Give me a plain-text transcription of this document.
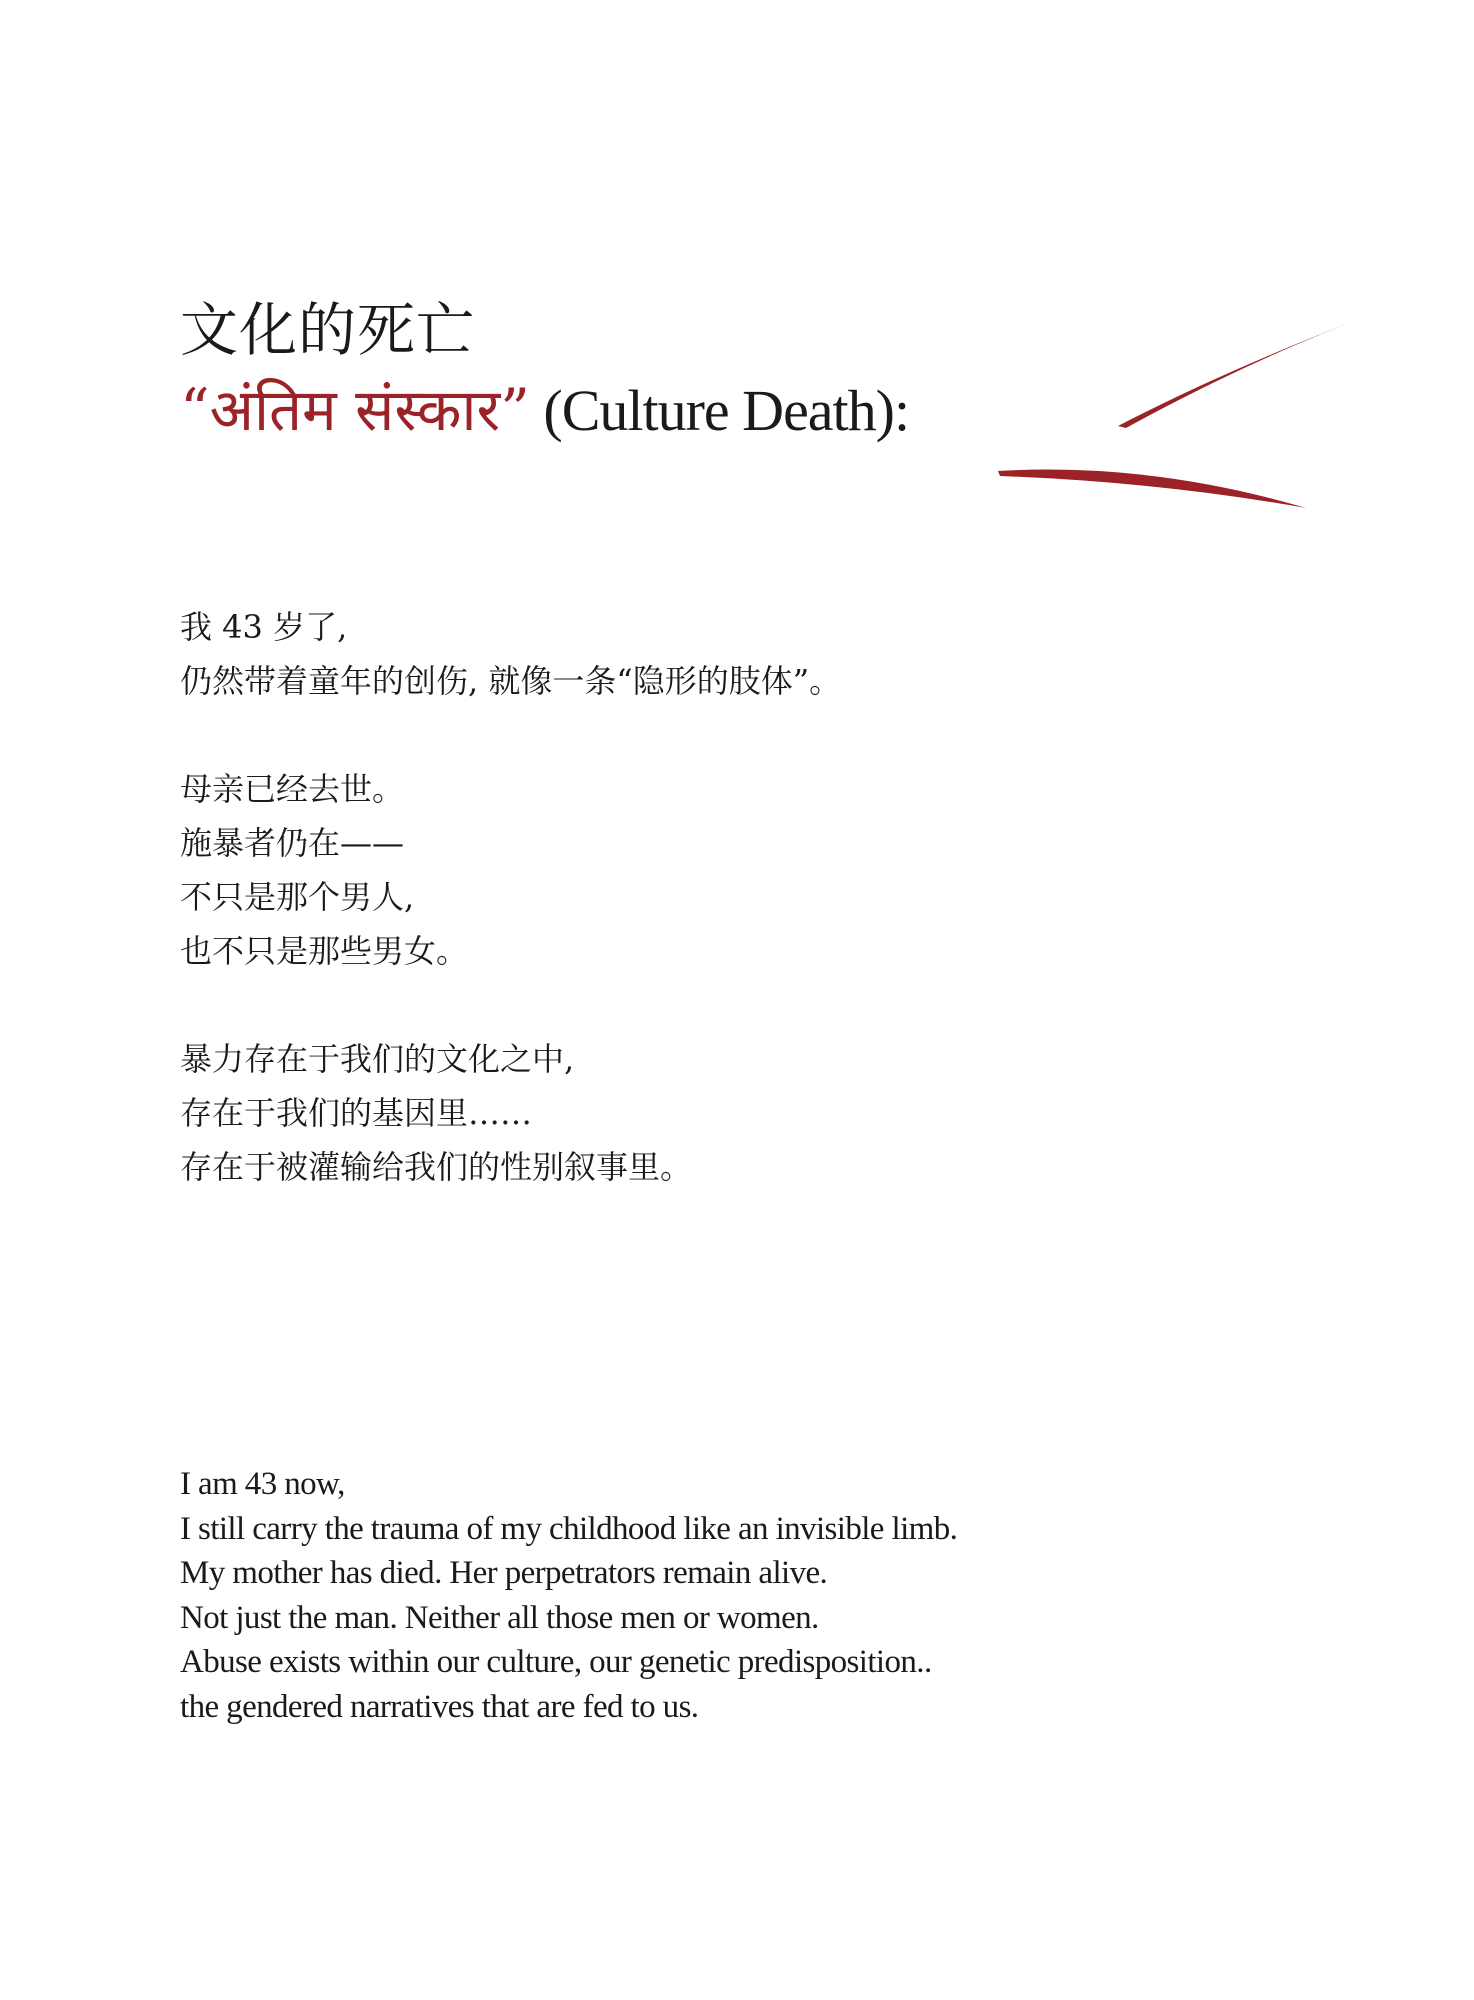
文化的死亡
“अंतिम संस्कार” (Culture Death):
我 43 岁了,
仍然带着童年的创伤, 就像一条“隐形的肢体”。
母亲已经去世。
施暴者仍在——
不只是那个男人,
也不只是那些男女。
暴力存在于我们的文化之中,
存在于我们的基因里……
存在于被灌输给我们的性别叙事里。
I am 43 now,
I still carry the trauma of my childhood like an invisible limb.
My mother has died. Her perpetrators remain alive.
Not just the man. Neither all those men or women.
Abuse exists within our culture, our genetic predisposition..
the gendered narratives that are fed to us.
